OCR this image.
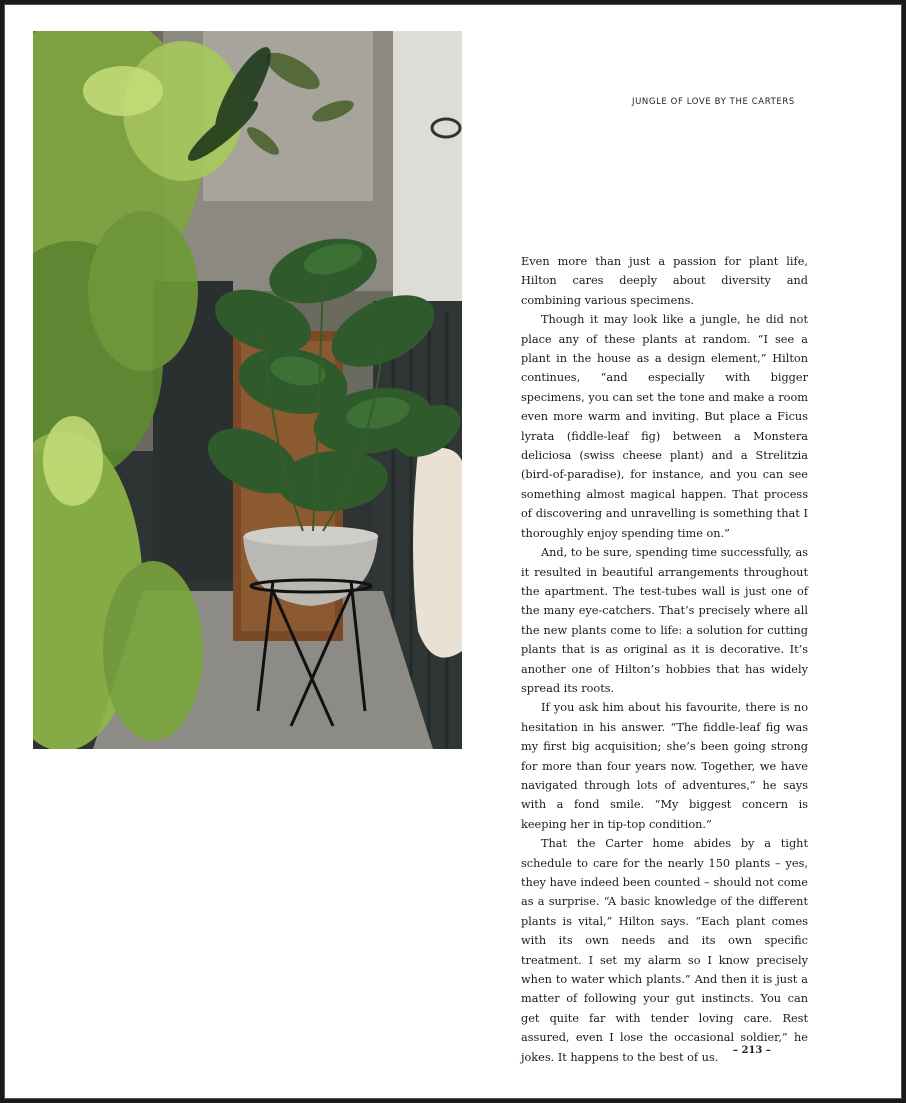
JUNGLE OF LOVE BY THE CARTERS

Even more than just a passion for plant life, Hilton cares deeply about diversity and combining various specimens.

Though it may look like a jungle, he did not place any of these plants at random. “I see a plant in the house as a design element,” Hilton continues, “and especially with bigger specimens, you can set the tone and make a room even more warm and inviting. But place a Ficus lyrata (fiddle-leaf fig) between a Monstera deliciosa (swiss cheese plant) and a Strelitzia (bird-of-paradise), for instance, and you can see something almost magical happen. That process of discovering and unravelling is something that I thoroughly enjoy spending time on.”

And, to be sure, spending time successfully, as it resulted in beautiful arrangements throughout the apartment. The test-tubes wall is just one of the many eye-catchers. That’s precisely where all the new plants come to life: a solution for cutting plants that is as original as it is decorative. It’s another one of Hilton’s hobbies that has widely spread its roots.

If you ask him about his favourite, there is no hesitation in his answer. “The fiddle-leaf fig was my first big acquisition; she’s been going strong for more than four years now. Together, we have navigated through lots of adventures,” he says with a fond smile. “My biggest concern is keeping her in tip-top condition.”

That the Carter home abides by a tight schedule to care for the nearly 150 plants – yes, they have indeed been counted – should not come as a surprise. “A basic knowledge of the different plants is vital,” Hilton says. “Each plant comes with its own needs and its own specific treatment. I set my alarm so I know precisely when to water which plants.” And then it is just a matter of following your gut instincts. You can get quite far with tender loving care. Rest assured, even I lose the occasional soldier,” he jokes. It happens to the best of us.

– 213 –
